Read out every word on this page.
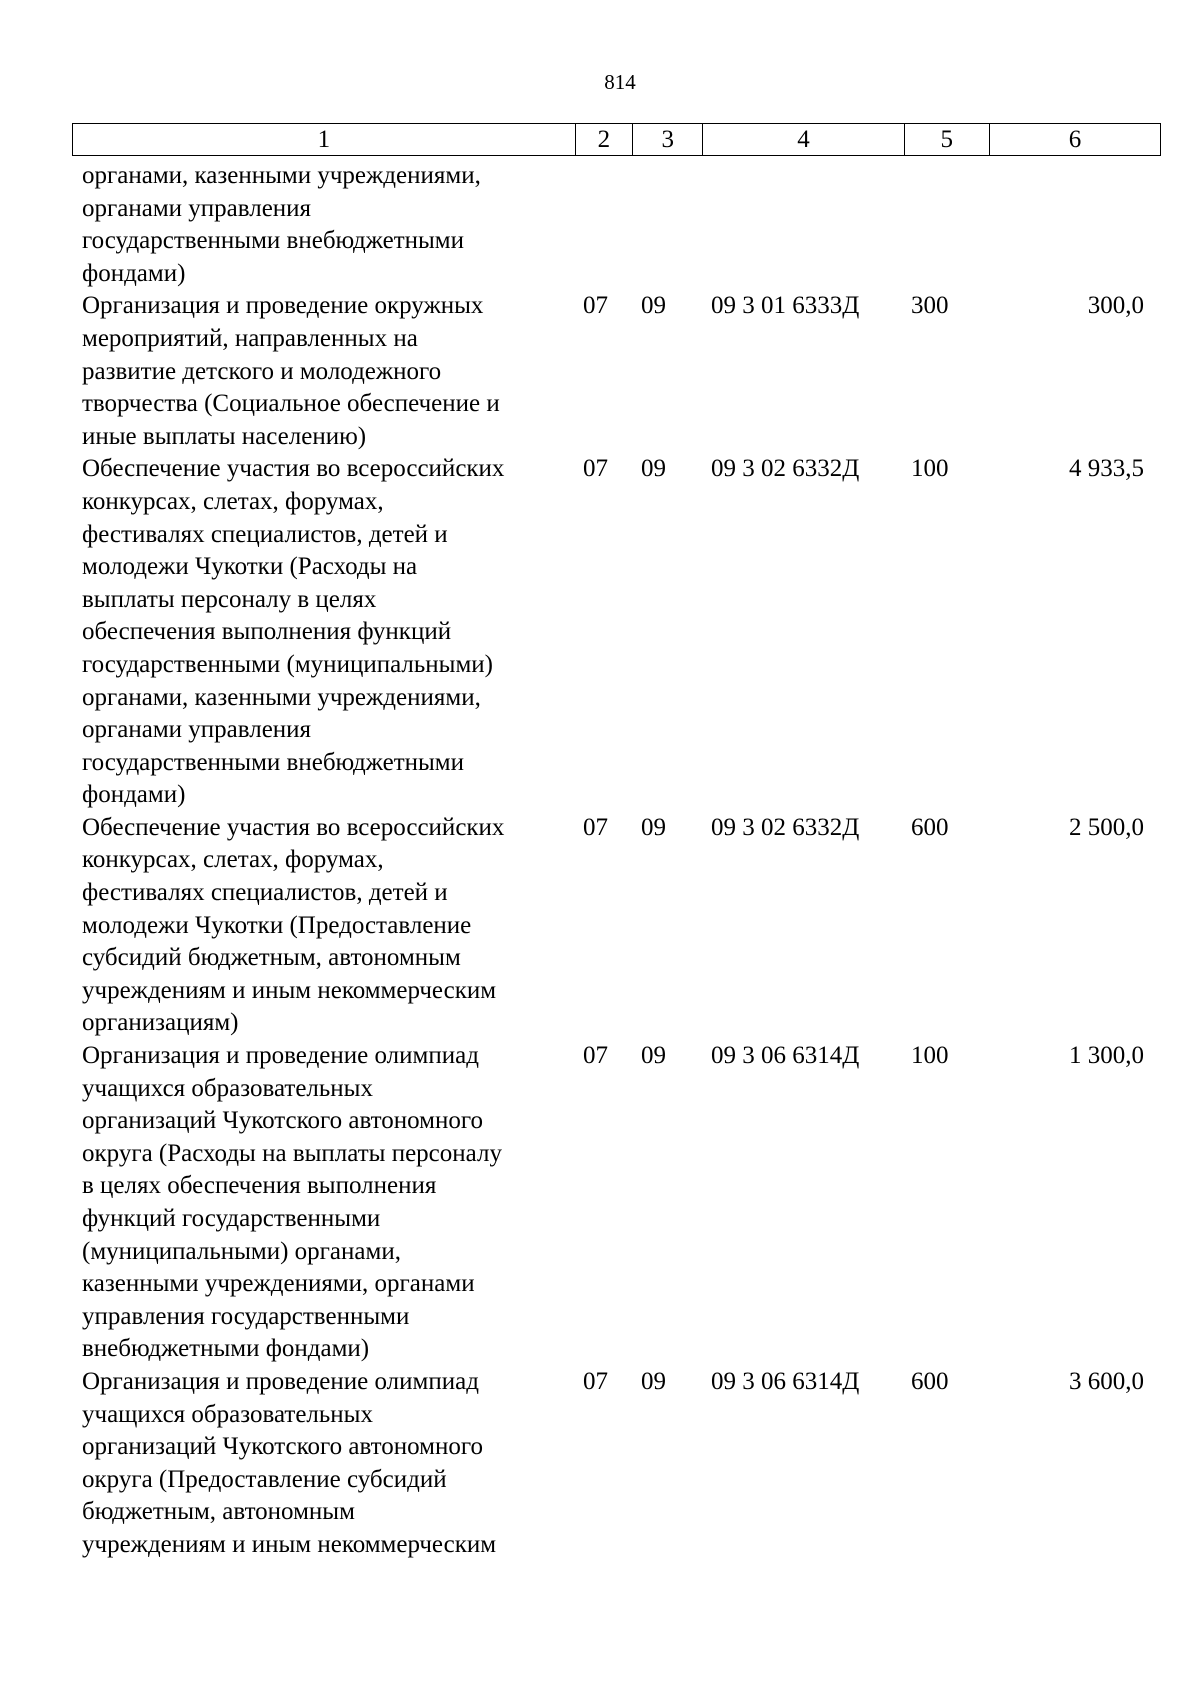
814
1	2	3	4	5	6
органами, казенными учреждениями,
органами управления
государственными внебюджетными
фондами)
Организация и проведение окружных
мероприятий, направленных на
развитие детского и молодежного
творчества (Социальное обеспечение и
иные выплаты населению)
07	09	09 3 01 6333Д	300	300,0
Обеспечение участия во всероссийских
конкурсах, слетах, форумах,
фестивалях специалистов, детей и
молодежи Чукотки (Расходы на
выплаты персоналу в целях
обеспечения выполнения функций
государственными (муниципальными)
органами, казенными учреждениями,
органами управления
государственными внебюджетными
фондами)
07	09	09 3 02 6332Д	100	4 933,5
Обеспечение участия во всероссийских
конкурсах, слетах, форумах,
фестивалях специалистов, детей и
молодежи Чукотки (Предоставление
субсидий бюджетным, автономным
учреждениям и иным некоммерческим
организациям)
07	09	09 3 02 6332Д	600	2 500,0
Организация и проведение олимпиад
учащихся образовательных
организаций Чукотского автономного
округа (Расходы на выплаты персоналу
в целях обеспечения выполнения
функций государственными
(муниципальными) органами,
казенными учреждениями, органами
управления государственными
внебюджетными фондами)
07	09	09 3 06 6314Д	100	1 300,0
Организация и проведение олимпиад
учащихся образовательных
организаций Чукотского автономного
округа (Предоставление субсидий
бюджетным, автономным
учреждениям и иным некоммерческим
07	09	09 3 06 6314Д	600	3 600,0
